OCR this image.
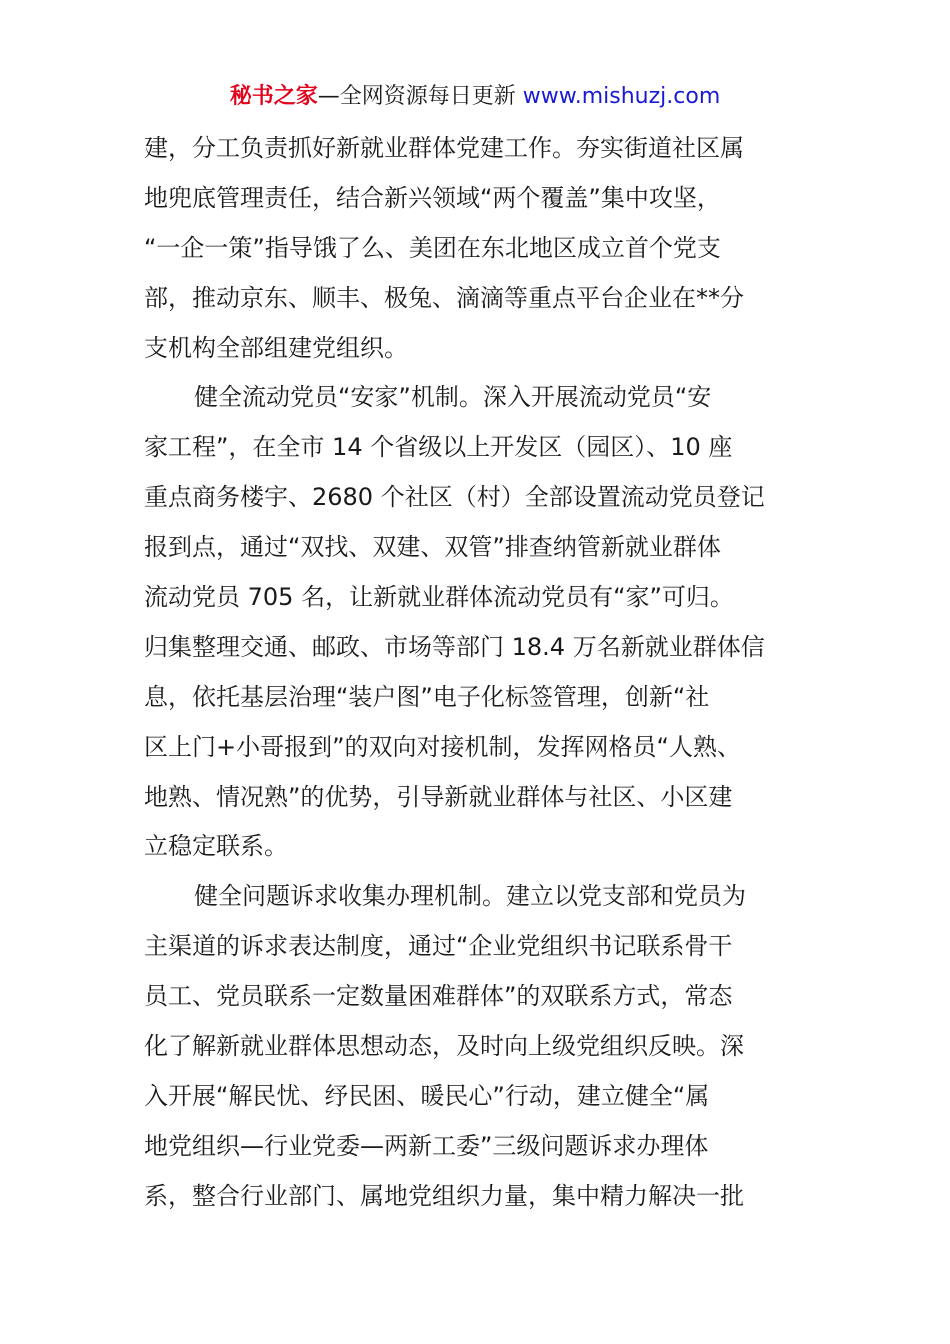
秘书之家—全网资源每日更新 www.mishuzj.com
建，分工负责抓好新就业群体党建工作。夯实街道社区属
地兜底管理责任，结合新兴领域“两个覆盖”集中攻坚，
“一企一策”指导饿了么、美团在东北地区成立首个党支
部，推动京东、顺丰、极兔、滴滴等重点平台企业在**分
支机构全部组建党组织。
健全流动党员“安家”机制。深入开展流动党员“安
家工程”，在全市 14 个省级以上开发区（园区）、10 座
重点商务楼宇、2680 个社区（村）全部设置流动党员登记
报到点，通过“双找、双建、双管”排查纳管新就业群体
流动党员 705 名，让新就业群体流动党员有“家”可归。
归集整理交通、邮政、市场等部门 18.4 万名新就业群体信
息，依托基层治理“装户图”电子化标签管理，创新“社
区上门+小哥报到”的双向对接机制，发挥网格员“人熟、
地熟、情况熟”的优势，引导新就业群体与社区、小区建
立稳定联系。
健全问题诉求收集办理机制。建立以党支部和党员为
主渠道的诉求表达制度，通过“企业党组织书记联系骨干
员工、党员联系一定数量困难群体”的双联系方式，常态
化了解新就业群体思想动态，及时向上级党组织反映。深
入开展“解民忧、纾民困、暖民心”行动，建立健全“属
地党组织—行业党委—两新工委”三级问题诉求办理体
系，整合行业部门、属地党组织力量，集中精力解决一批
